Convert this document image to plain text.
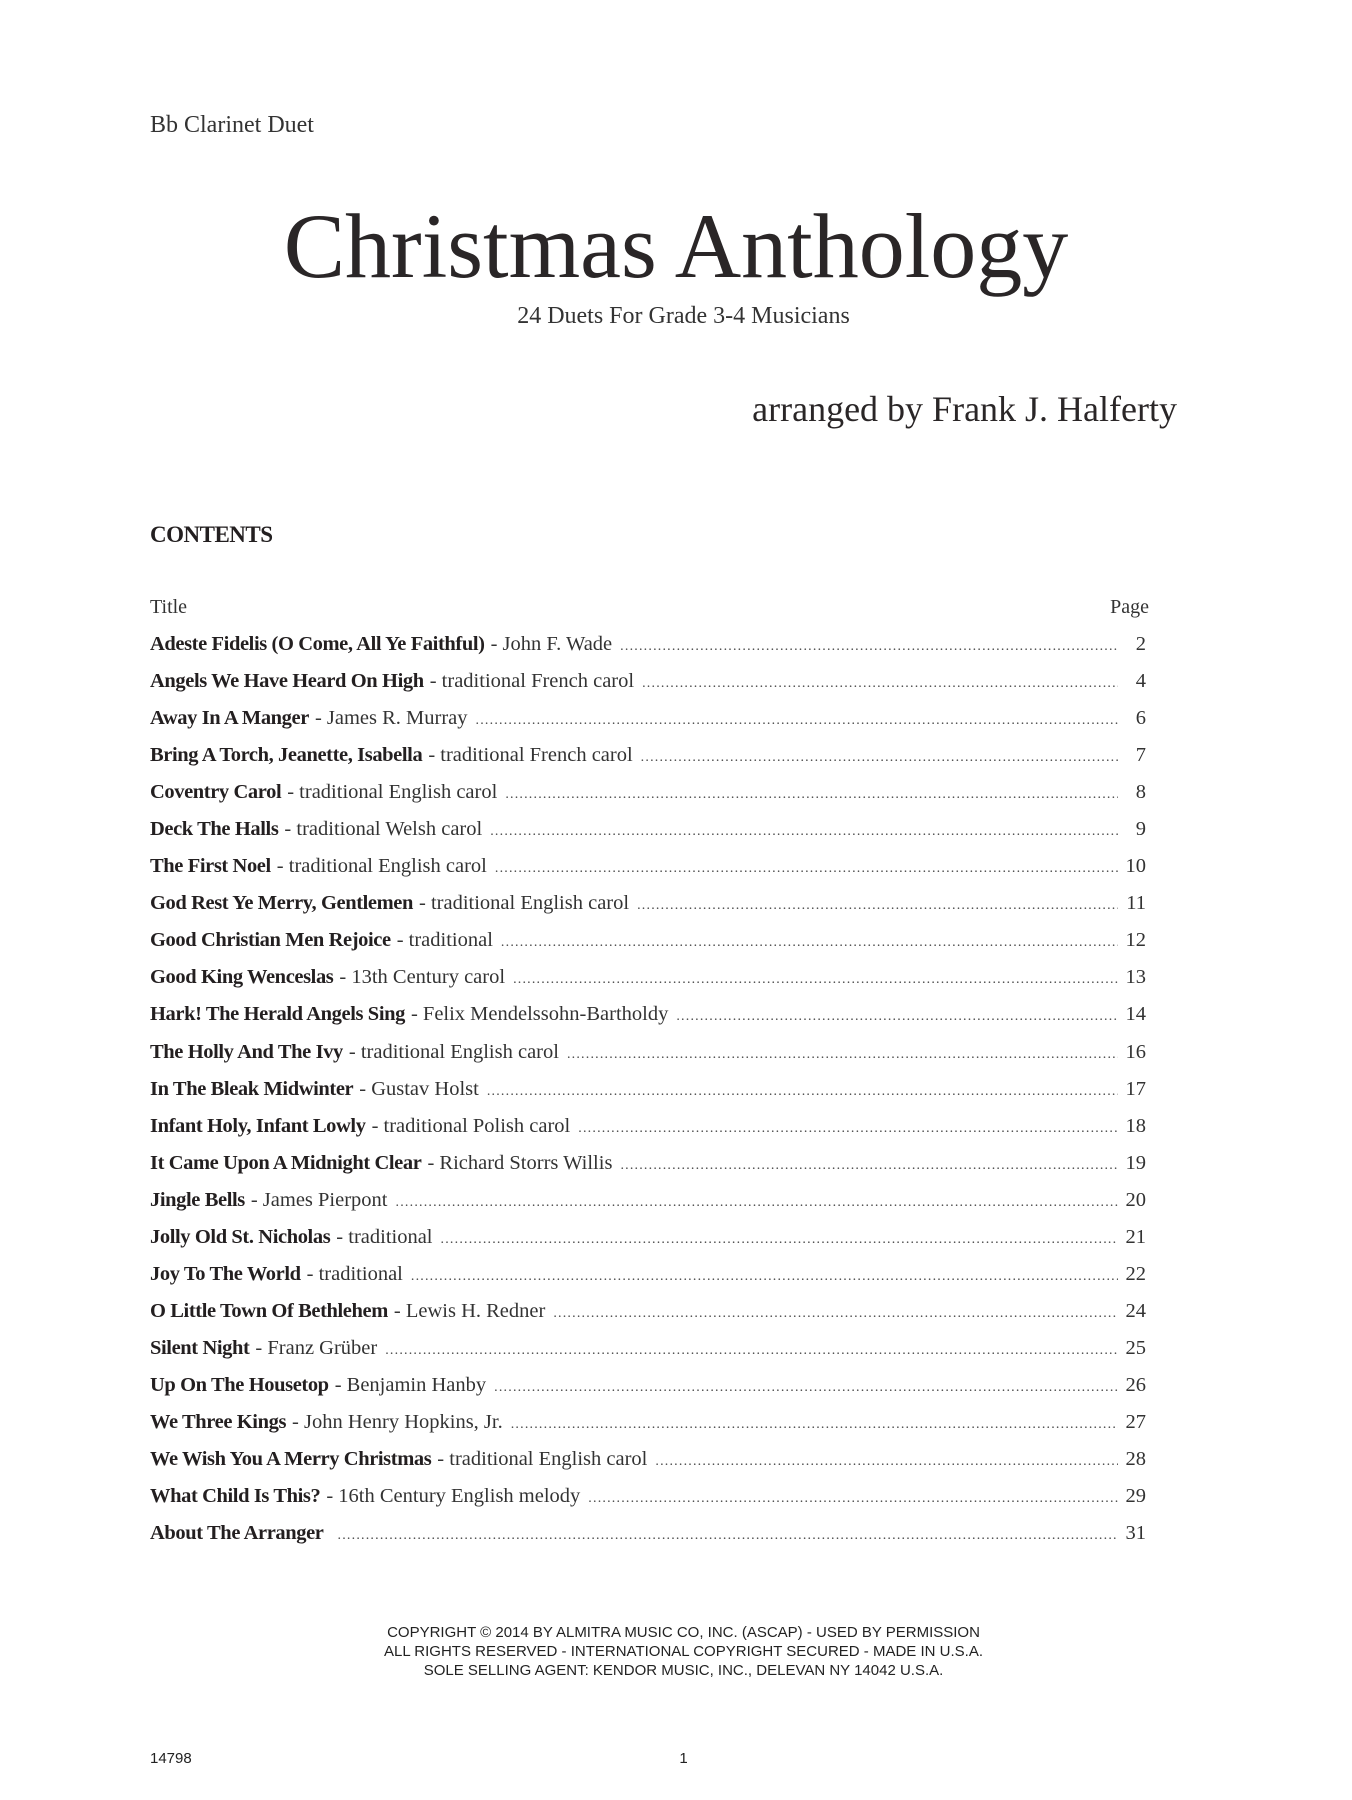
Bb Clarinet Duet
Christmas Anthology
24 Duets For Grade 3-4 Musicians
arranged by Frank J. Halferty
CONTENTS
Title	Page
Adeste Fidelis (O Come, All Ye Faithful) - John F. Wade .....	2
Angels We Have Heard On High - traditional French carol .....	4
Away In A Manger - James R. Murray .....	6
Bring A Torch, Jeanette, Isabella - traditional French carol .....	7
Coventry Carol - traditional English carol .....	8
Deck The Halls - traditional Welsh carol .....	9
The First Noel - traditional English carol .....	10
God Rest Ye Merry, Gentlemen - traditional English carol .....	11
Good Christian Men Rejoice - traditional .....	12
Good King Wenceslas - 13th Century carol .....	13
Hark! The Herald Angels Sing - Felix Mendelssohn-Bartholdy .....	14
The Holly And The Ivy - traditional English carol .....	16
In The Bleak Midwinter - Gustav Holst .....	17
Infant Holy, Infant Lowly - traditional Polish carol .....	18
It Came Upon A Midnight Clear - Richard Storrs Willis .....	19
Jingle Bells - James Pierpont .....	20
Jolly Old St. Nicholas - traditional .....	21
Joy To The World - traditional .....	22
O Little Town Of Bethlehem - Lewis H. Redner .....	24
Silent Night - Franz Grüber .....	25
Up On The Housetop - Benjamin Hanby .....	26
We Three Kings - John Henry Hopkins, Jr. .....	27
We Wish You A Merry Christmas - traditional English carol .....	28
What Child Is This? - 16th Century English melody .....	29
About The Arranger .....	31
COPYRIGHT © 2014 BY ALMITRA MUSIC CO, INC. (ASCAP) - USED BY PERMISSION
ALL RIGHTS RESERVED - INTERNATIONAL COPYRIGHT SECURED - MADE IN U.S.A.
SOLE SELLING AGENT: KENDOR MUSIC, INC., DELEVAN NY 14042 U.S.A.
14798	1
